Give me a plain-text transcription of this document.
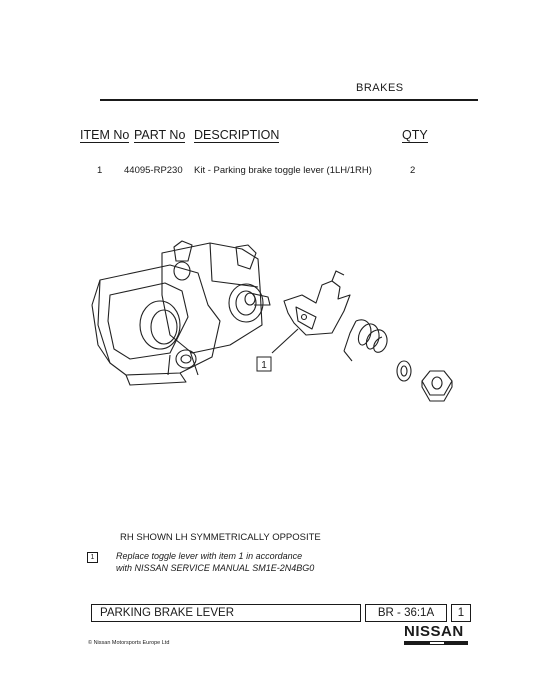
BRAKES
ITEM No PART No DESCRIPTION	QTY
1 44095-RP230 Kit - Parking brake toggle lever (1LH/1RH)	2
1
RH SHOWN LH SYMMETRICALLY OPPOSITE
1	Replace toggle lever with item 1 in accordance
with NISSAN SERVICE MANUAL SM1E-2N4BG0
PARKING BRAKE LEVER	BR - 36:1A	1
© Nissan Motorsports Europe Ltd
NISSAN
